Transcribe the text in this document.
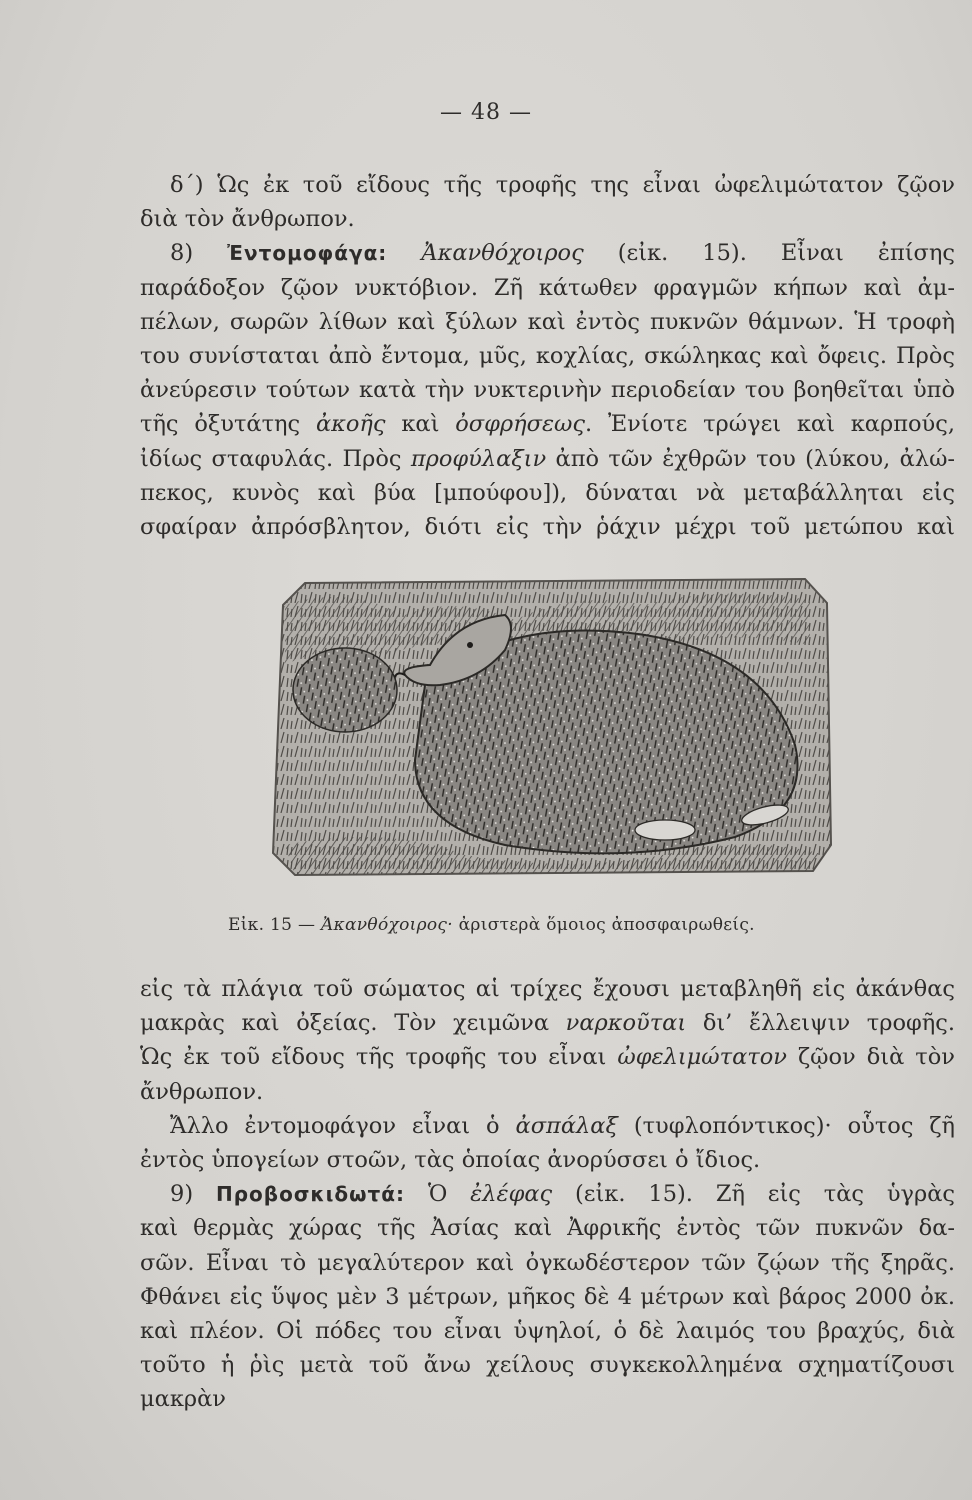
— 48 —

δ΄) Ὡς ἐκ τοῦ εἴδους τῆς τροφῆς της εἶναι ὠφελιμώτατον ζῷον

διὰ τὸν ἄνθρωπον.

8) Ἐντομοφάγα: Ἀκανθόχοιρος (εἰκ. 15). Εἶναι ἐπίσης

παράδοξον ζῷον νυκτόβιον. Ζῆ κάτωθεν φραγμῶν κήπων καὶ ἀμ-

πέλων, σωρῶν λίθων καὶ ξύλων καὶ ἐντὸς πυκνῶν θάμνων. Ἡ τροφὴ

του συνίσταται ἀπὸ ἔντομα, μῦς, κοχλίας, σκώληκας καὶ ὄφεις. Πρὸς

ἀνεύρεσιν τούτων κατὰ τὴν νυκτερινὴν περιοδείαν του βοηθεῖται ὑπὸ

τῆς ὀξυτάτης ἀκοῆς καὶ ὀσφρήσεως. Ἐνίοτε τρώγει καὶ καρπούς,

ἰδίως σταφυλάς. Πρὸς προφύλαξιν ἀπὸ τῶν ἐχθρῶν του (λύκου, ἀλώ-

πεκος, κυνὸς καὶ βύα [μπούφου]), δύναται νὰ μεταβάλληται εἰς

σφαίραν ἀπρόσβλητον, διότι εἰς τὴν ῥάχιν μέχρι τοῦ μετώπου καὶ

Εἰκ. 15 — Ἀκανθόχοιρος· ἀριστερὰ ὅμοιος ἀποσφαιρωθείς.

εἰς τὰ πλάγια τοῦ σώματος αἱ τρίχες ἔχουσι μεταβληθῆ εἰς ἀκάνθας

μακρὰς καὶ ὀξείας. Τὸν χειμῶνα ναρκοῦται δι’ ἔλλειψιν τροφῆς.

Ὡς ἐκ τοῦ εἴδους τῆς τροφῆς του εἶναι ὠφελιμώτατον ζῷον διὰ τὸν

ἄνθρωπον.

Ἄλλο ἐντομοφάγον εἶναι ὁ ἀσπάλαξ (τυφλοπόντικος)· οὗτος ζῆ

ἐντὸς ὑπογείων στοῶν, τὰς ὁποίας ἀνορύσσει ὁ ἴδιος.

9) Προβοσκιδωτά: Ὁ ἐλέφας (εἰκ. 15). Ζῆ εἰς τὰς ὑγρὰς

καὶ θερμὰς χώρας τῆς Ἀσίας καὶ Ἀφρικῆς ἐντὸς τῶν πυκνῶν δα-

σῶν. Εἶναι τὸ μεγαλύτερον καὶ ὀγκωδέστερον τῶν ζῴων τῆς ξηρᾶς.

Φθάνει εἰς ὕψος μὲν 3 μέτρων, μῆκος δὲ 4 μέτρων καὶ βάρος 2000 ὀκ.

καὶ πλέον. Οἱ πόδες του εἶναι ὑψηλοί, ὁ δὲ λαιμός του βραχύς, διὰ

τοῦτο ἡ ῥὶς μετὰ τοῦ ἄνω χείλους συγκεκολλημένα σχηματίζουσι μακρὰν
